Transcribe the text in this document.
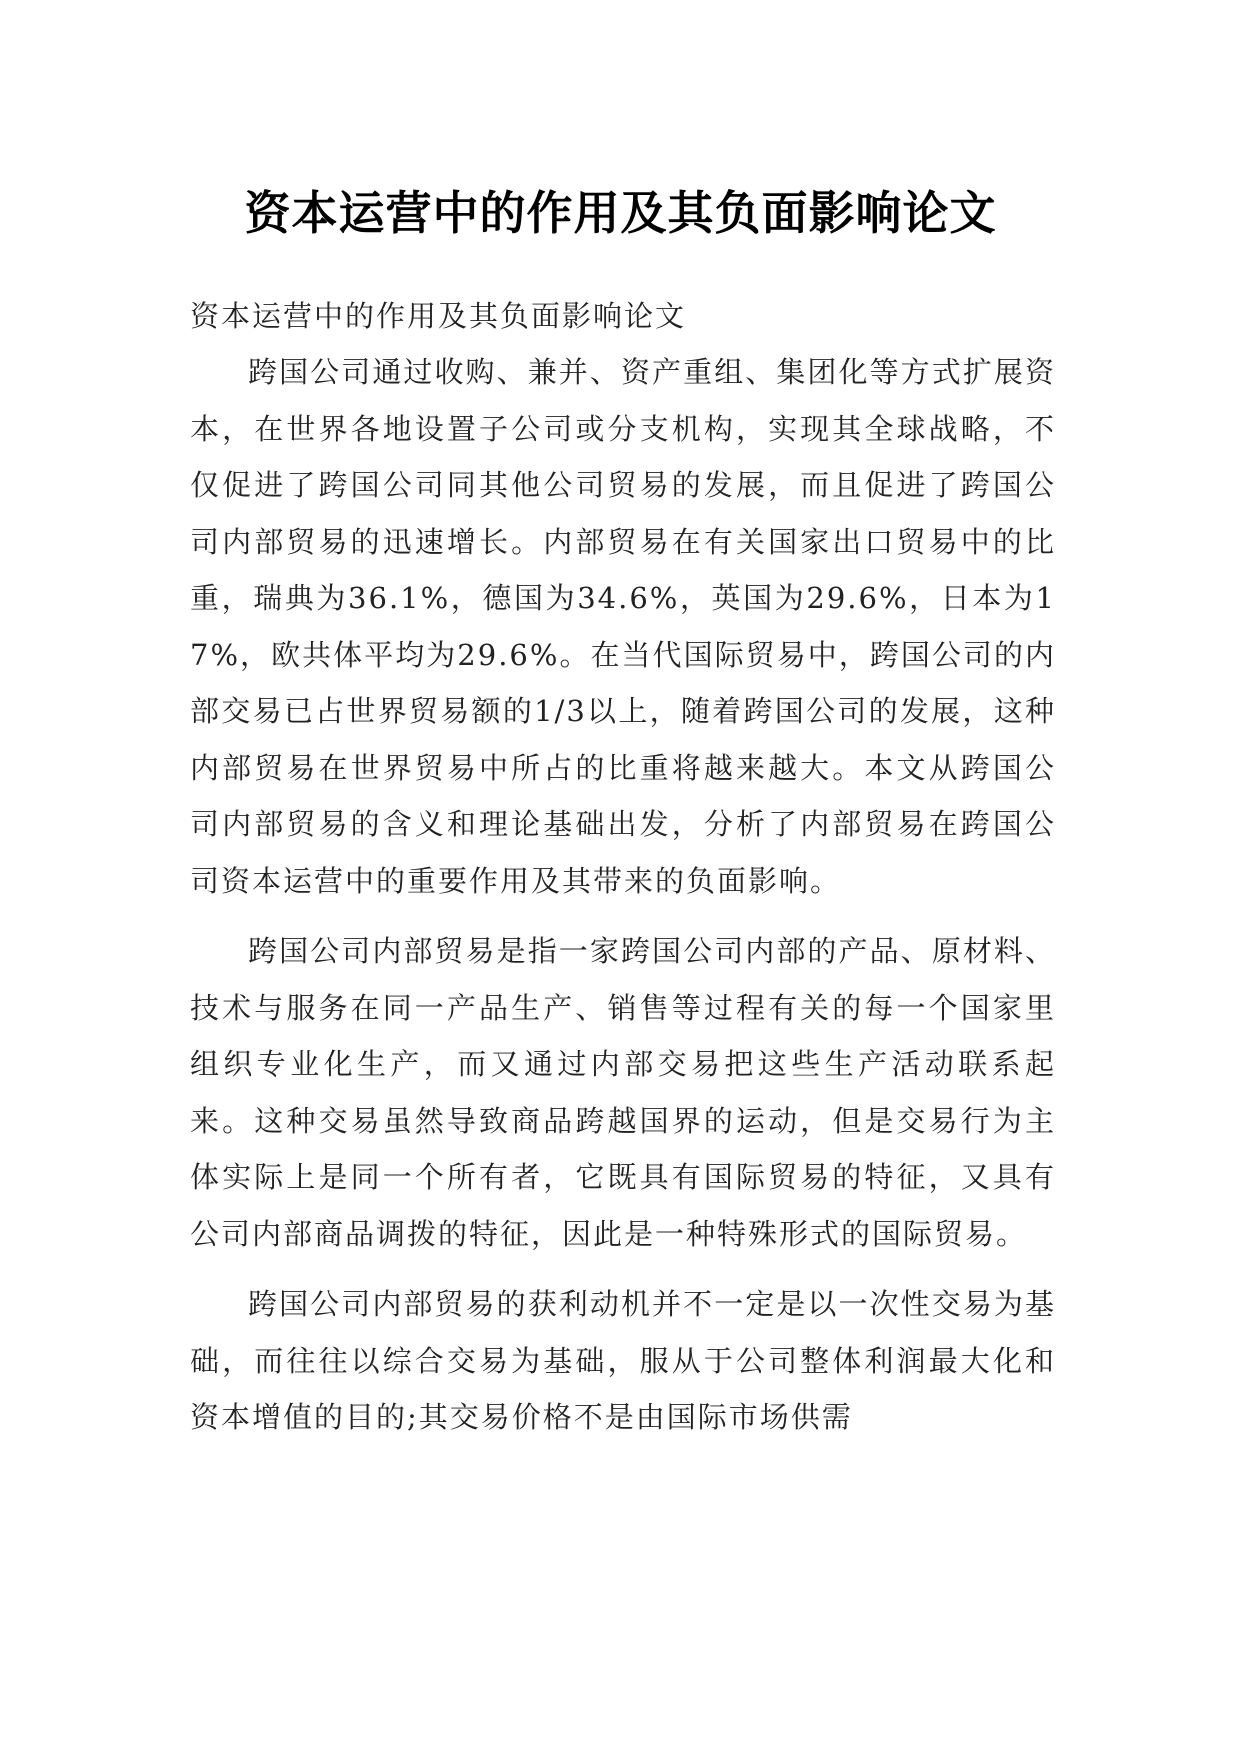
资本运营中的作用及其负面影响论文

资本运营中的作用及其负面影响论文

跨国公司通过收购、兼并、资产重组、集团化等方式扩展资本，在世界各地设置子公司或分支机构，实现其全球战略，不仅促进了跨国公司同其他公司贸易的发展，而且促进了跨国公司内部贸易的迅速增长。内部贸易在有关国家出口贸易中的比重，瑞典为36.1%，德国为34.6%，英国为29.6%，日本为17%，欧共体平均为29.6%。在当代国际贸易中，跨国公司的内部交易已占世界贸易额的1/3以上，随着跨国公司的发展，这种内部贸易在世界贸易中所占的比重将越来越大。本文从跨国公司内部贸易的含义和理论基础出发，分析了内部贸易在跨国公司资本运营中的重要作用及其带来的负面影响。

跨国公司内部贸易是指一家跨国公司内部的产品、原材料、技术与服务在同一产品生产、销售等过程有关的每一个国家里组织专业化生产，而又通过内部交易把这些生产活动联系起来。这种交易虽然导致商品跨越国界的运动，但是交易行为主体实际上是同一个所有者，它既具有国际贸易的特征，又具有公司内部商品调拨的特征，因此是一种特殊形式的国际贸易。

跨国公司内部贸易的获利动机并不一定是以一次性交易为基础，而往往以综合交易为基础，服从于公司整体利润最大化和资本增值的目的;其交易价格不是由国际市场供需
